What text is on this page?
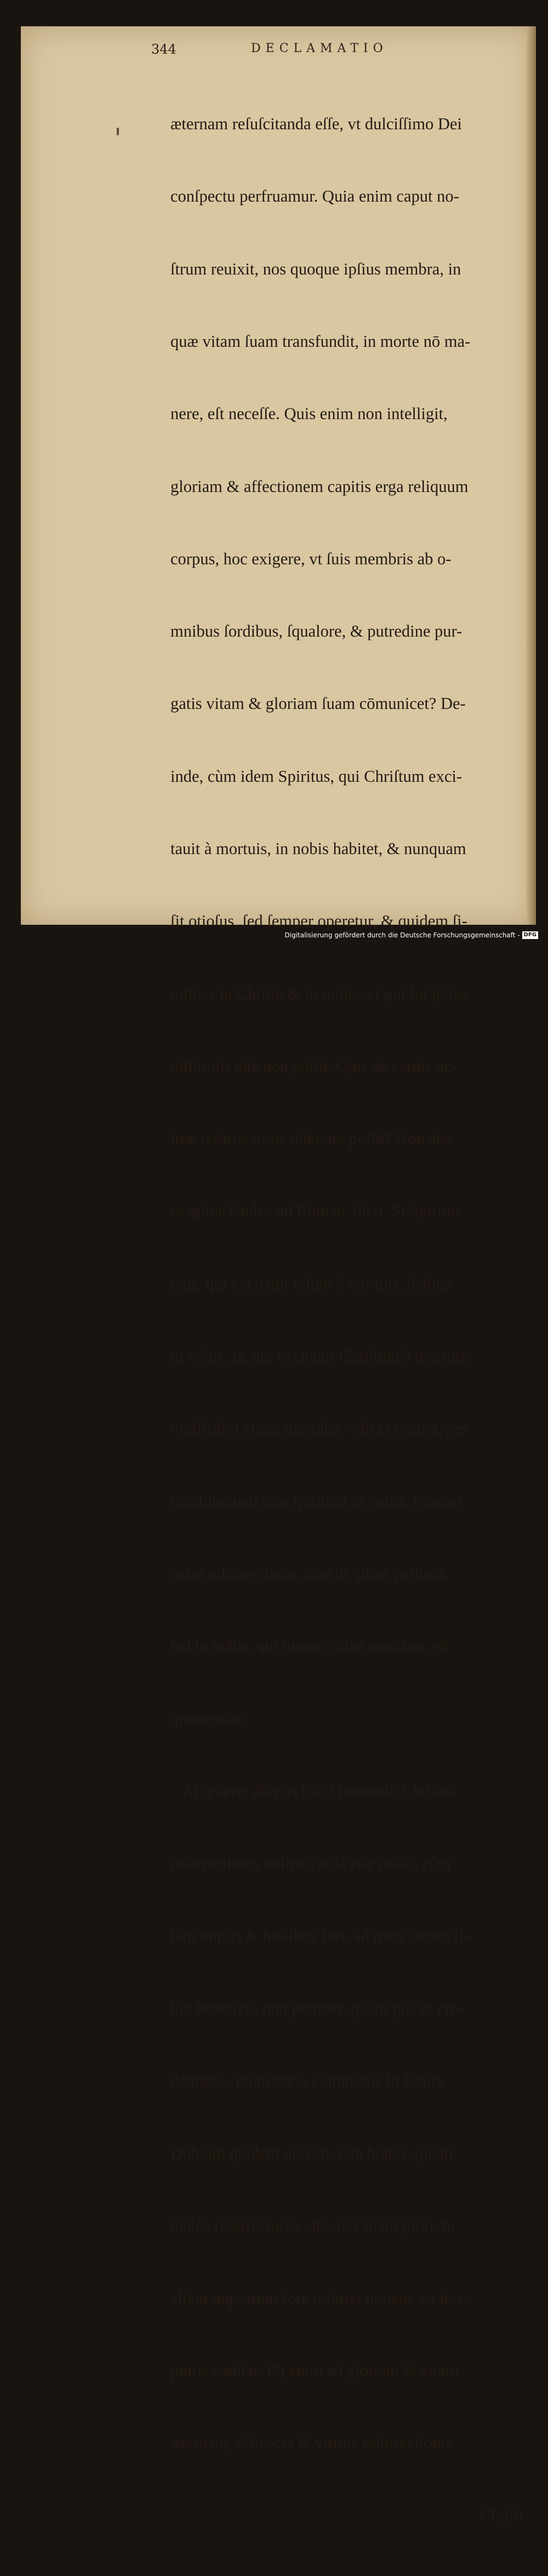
344	DECLAMATIO

æternam reſuſcitanda eſſe, vt dulciſſimo Dei

conſpectu perfruamur. Quia enim caput no-

ſtrum reuixit, nos quoque ipſius membra, in

quæ vitam ſuam transfundit, in morte nō ma-

nere, eſt neceſſe. Quis enim non intelligit,

gloriam & affectionem capitis erga reliquum

corpus, hoc exigere, vt ſuis membris ab o-

mnibus ſordibus, ſqualore, & putredine pur-

gatis vitam & gloriam ſuam cōmunicet? De-

inde, cùm idem Spiritus, qui Chriſtum exci-

tauit à mortuis, in nobis habitet, & nunquam

ſit otioſus, ſed ſemper operetur, & quidem ſi-

militer in Chriſto & in nobis, vt qui ſui ipſius

diſſimilis eſſe non poſſit, Quis de carnis no-

ſtræ reſurrectione dubitare poſſit? Non abs

re igitur Paulus ad Roman. dicit, Si Spiritus

eius, qui excitauit Ieſum à mortuis, habitat

in vobis, is, qui excitauit Chriſtum à mortuis,

viuificabit etiam mortalia veſtra corpora, per

inhabitantem eius ſpiritum in vobis. Fructus

enim reſurrectionis, non in ipſius perſona,

ſed in nobis, qui ſumus ipſius membra, eſt

quærendus.

At quæret aliquis hîc: Quomodo Chriſtus

reſurrectionis noſtræ cauſa eſſe poſſit, cùm

tàm impijs & hoſtibus Dei, ad quos tamen il-

lud beneficiū non pertinet, quàm pijs & cre-

dentibus, reſuſcitatio communis ſit futura.

Dubium quidem non eſt, tàm bonos, quàm

malos reſurrecturos eſſe, ſed aliam piorum,

aliam impiorum fore reſurrectionem, ex ſcri-

pturis conſtat. Pij enim ad gloriam & vitam

æternam, efficacia & virtute reſurrectionis

Chriſti.

Digitalisierung gefördert durch die Deutsche Forschungsgemeinschaft - DFG
